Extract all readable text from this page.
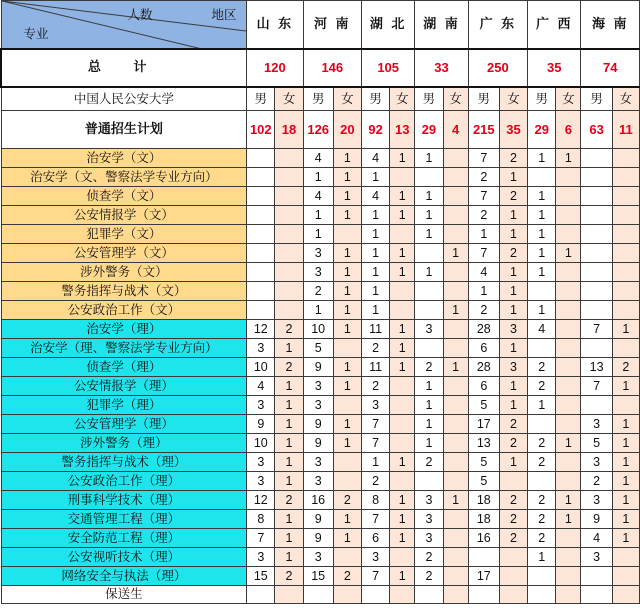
专业
人数 地区	山 东		河 南		湖 北		湖 南		广 东		广 西		海 南	
总 计	120		146		105		33		250		35		74	
中国人民公安大学	男	女	男	女	男	女	男	女	男	女	男	女	男	女
普通招生计划	102	18	126	20	92	13	29	4	215	35	29	6	63	11
治安学（文）			4	1	4	1	1		7	2	1	1		
治安学（文、警察法学专业方向）			1	1	1				2	1				
侦查学（文）			4	1	4	1	1		7	2	1			
公安情报学（文）			1	1	1	1	1		2	1	1			
犯罪学（文）			1		1		1		1	1	1			
公安管理学（文）			3	1	1	1		1	7	2	1	1		
涉外警务（文）			3	1	1	1	1		4	1	1			
警务指挥与战术（文）			2	1	1				1	1				
公安政治工作（文）			1	1	1			1	2	1	1			
治安学（理）	12	2	10	1	11	1	3		28	3	4		7	1
治安学（理、警察法学专业方向）	3	1	5		2	1			6	1				
侦查学（理）	10	2	9	1	11	1	2	1	28	3	2		13	2
公安情报学（理）	4	1	3	1	2		1		6	1	2		7	1
犯罪学（理）	3	1	3		3		1		5	1	1			
公安管理学（理）	9	1	9	1	7		1		17	2			3	1
涉外警务（理）	10	1	9	1	7		1		13	2	2	1	5	1
警务指挥与战术（理）	3	1	3		1	1	2		5	1	2		3	1
公安政治工作（理）	3	1	3		2				5				2	1
刑事科学技术（理）	12	2	16	2	8	1	3	1	18	2	2	1	3	1
交通管理工程（理）	8	1	9	1	7	1	3		18	2	2	1	9	1
安全防范工程（理）	7	1	9	1	6	1	3		16	2	2		4	1
公安视听技术（理）	3	1	3		3		2				1		3	
网络安全与执法（理）	15	2	15	2	7	1	2		17					
保送生														
